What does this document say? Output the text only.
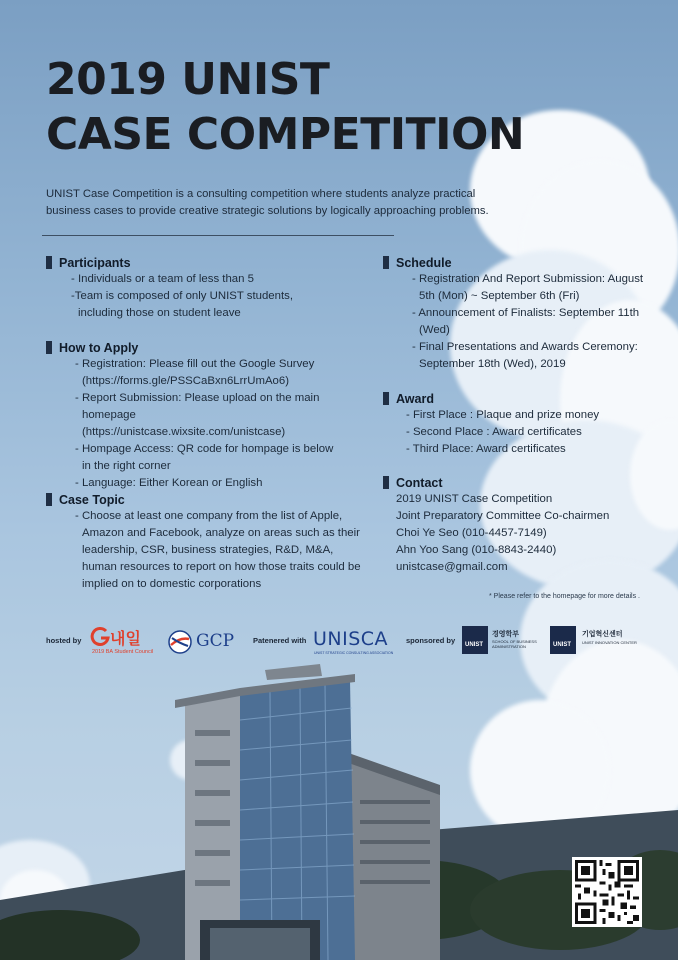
2019 UNIST
CASE COMPETITION
UNIST Case Competition is a consulting competition where students analyze practical business cases to provide creative strategic solutions by logically approaching problems.
Participants
- Individuals or a team of less than 5
-Team is composed of only UNIST students, including those on student leave
How to Apply
- Registration: Please fill out the Google Survey (https://forms.gle/PSSCaBxn6LrrUmAo6)
- Report Submission: Please upload on the main homepage (https://unistcase.wixsite.com/unistcase)
- Hompage Access: QR code for hompage is below in the right corner
- Language: Either Korean or English
Case Topic
- Choose at least one company from the list of Apple, Amazon and Facebook, analyze on areas such as their leadership, CSR, business strategies, R&D, M&A, human resources to report on how those traits could be implied on to domestic corporations
Schedule
- Registration And Report Submission: August 5th (Mon) ~ September 6th (Fri)
- Announcement of Finalists: September 11th (Wed)
- Final Presentations and Awards Ceremony: September 18th (Wed), 2019
Award
- First Place : Plaque and prize money
- Second Place : Award certificates
- Third Place: Award certificates
Contact
2019 UNIST Case Competition
Joint Preparatory Committee Co-chairmen
Choi Ye Seo (010-4457-7149)
Ahn Yoo Sang (010-8843-2440)
unistcase@gmail.com
* Please refer to the homepage for more details .
hosted by 내일
2019 BA Student Council
GCP	Patenered with UNISCA
UNIST STRATEGIC CONSULTING ASSOCIATION
sponsored by UNIST
경영학부
SCHOOL OF BUSINESS
ADMINISTRATION	UNIST
기업혁신센터
UNIST INNOVATION CENTER
